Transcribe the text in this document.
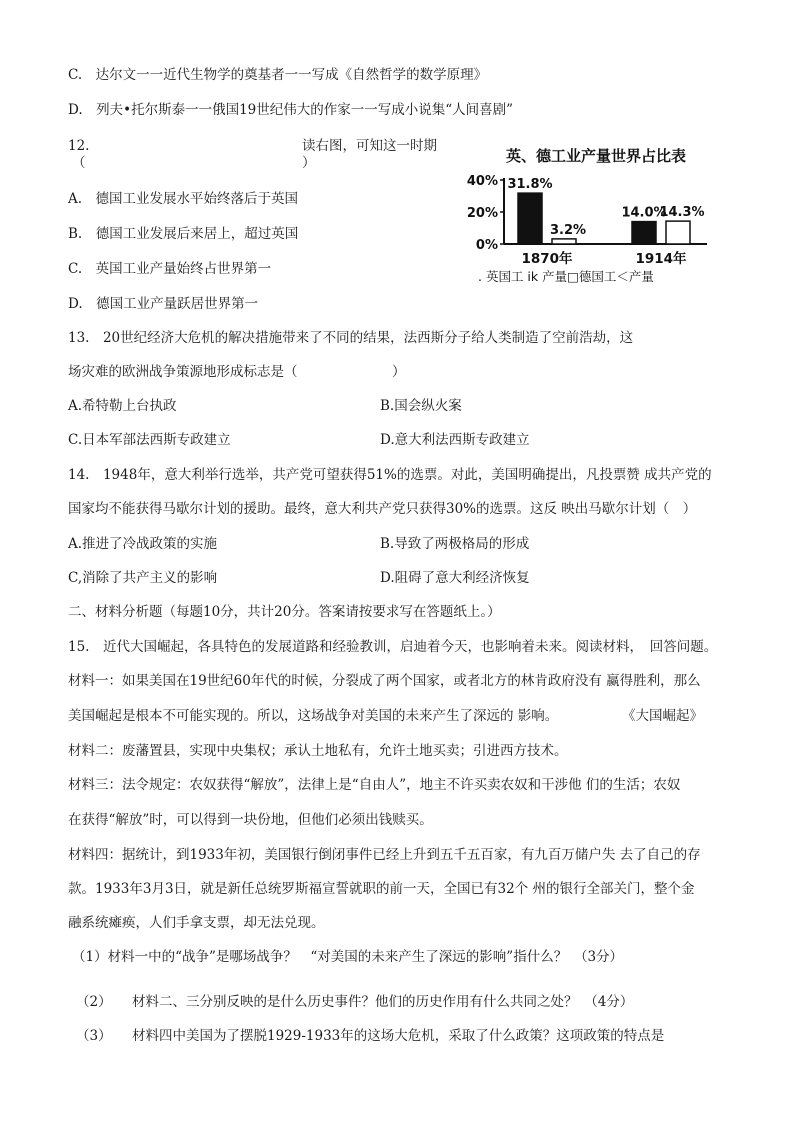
C.　达尔文一一近代生物学的奠基者一一写成《自然哲学的数学原理》
D.　列夫•托尔斯泰一一俄国19世纪伟大的作家一一写成小说集“人间喜剧”
12.
（
读右图，可知这一时期
）
A.　德国工业发展水平始终落后于英国
B.　德国工业发展后来居上，超过英国
C.　英国工业产量始终占世界第一
D.　德国工业产量跃居世界第一
英、德工业产量世界占比表
40%
20%
0%
31.8%
3.2%
1870年
14.0%
14.3%
1914年
. 英国工 ik 产量□德国工＜产量
13.　20世纪经济大危机的解决措施带来了不同的结果，法西斯分子给人类制造了空前浩劫，这
场灾难的欧洲战争策源地形成标志是（　　　　　　　）
A.希特勒上台执政	B.国会纵火案
C.日本军部法西斯专政建立	D.意大利法西斯专政建立
14.　1948年，意大利举行选举，共产党可望获得51%的选票。对此，美国明确提出，凡投票赞 成共产党的
国家均不能获得马歇尔计划的援助。最终，意大利共产党只获得30%的选票。这反 映出马歇尔计划（　）
A.推进了冷战政策的实施	B.导致了两极格局的形成
C,消除了共产主义的影响	D.阻碍了意大利经济恢复
二、材料分析题（每题10分，共计20分。答案请按要求写在答题纸上。）
15.　近代大国崛起，各具特色的发展道路和经验教训，启迪着今天，也影响着未来。阅读材料，　回答问题。
材料一：如果美国在19世纪60年代的时候，分裂成了两个国家，或者北方的林肯政府没有 赢得胜利，那么
美国崛起是根本不可能实现的。所以，这场战争对美国的未来产生了深远的 影响。	《大国崛起》
材料二：废藩置县，实现中央集权；承认土地私有，允许土地买卖；引进西方技术。
材料三：法令规定：农奴获得“解放”，法律上是“自由人”，地主不许买卖农奴和干涉他 们的生活；农奴
在获得“解放”时，可以得到一块份地，但他们必须出钱赎买。
材料四：据统计，到1933年初，美国银行倒闭事件已经上升到五千五百家，有九百万储户失 去了自己的存
款。1933年3月3日，就是新任总统罗斯福宣誓就职的前一天，全国已有32个 州的银行全部关门，整个金
融系统瘫痪，人们手拿支票，却无法兑现。
（1）材料一中的“战争”是哪场战争？　“对美国的未来产生了深远的影响”指什么？　（3分）
（2） 材料二、三分别反映的是什么历史事件？他们的历史作用有什么共同之处？　（4分）
（3） 材料四中美国为了摆脱1929-1933年的这场大危机，采取了什么政策？这项政策的特点是
